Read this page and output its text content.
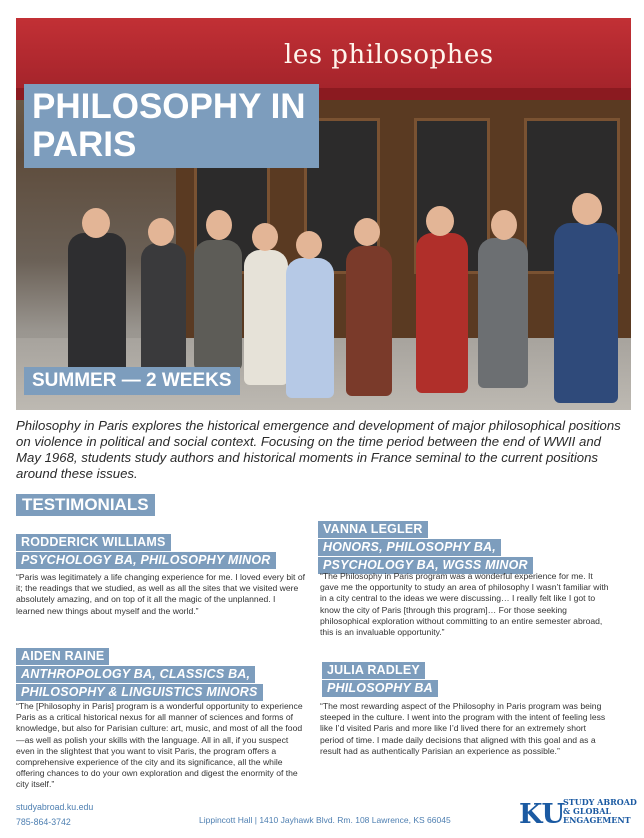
les philosophes
PHILOSOPHY IN
PARIS
SUMMER — 2 WEEKS
Philosophy in Paris explores the historical emergence and development of major philosophical positions on violence in political and social context. Focusing on the time period between the end of WWII and May 1968, students study authors and historical moments in France seminal to the current positions around these issues.
TESTIMONIALS
RODDERICK WILLIAMS
PSYCHOLOGY BA, PHILOSOPHY MINOR
“Paris was legitimately a life changing experience for me. I loved every bit of it; the readings that we studied, as well as all the sites that we visited were absolutely amazing, and on top of it all the magic of the unplanned. I learned new things about myself and the world.”
VANNA LEGLER
HONORS, PHILOSOPHY BA,
PSYCHOLOGY BA, WGSS MINOR
“The Philosophy in Paris program was a wonderful experience for me. It gave me the opportunity to study an area of philosophy I wasn’t familiar with in a city central to the ideas we were discussing… I really felt like I got to know the city of Paris [through this program]… For those seeking philosophical exploration without committing to an entire semester abroad, this is an invaluable opportunity.”
AIDEN RAINE
ANTHROPOLOGY BA, CLASSICS BA,
PHILOSOPHY & LINGUISTICS MINORS
“The [Philosophy in Paris] program is a wonderful opportunity to experience Paris as a critical historical nexus for all manner of sciences and forms of knowledge, but also for Parisian culture: art, music, and most of all the food—as well as polish your skills with the language. All in all, if you suspect even in the slightest that you want to visit Paris, the program offers a comprehensive experience of the city and its significance, all the while offering chances to do your own exploration and digest the enormity of the city itself.”
JULIA RADLEY
PHILOSOPHY BA
“The most rewarding aspect of the Philosophy in Paris program was being steeped in the culture. I went into the program with the intent of feeling less like I’d visited Paris and more like I’d lived there for an extremely short period of time. I made daily decisions that aligned with this goal and as a result had as authentically Parisian an experience as possible.”
studyabroad.ku.edu
785-864-3742	Lippincott Hall | 1410 Jayhawk Blvd. Rm. 108 Lawrence, KS 66045	KU
STUDY ABROAD
& GLOBAL
ENGAGEMENT
